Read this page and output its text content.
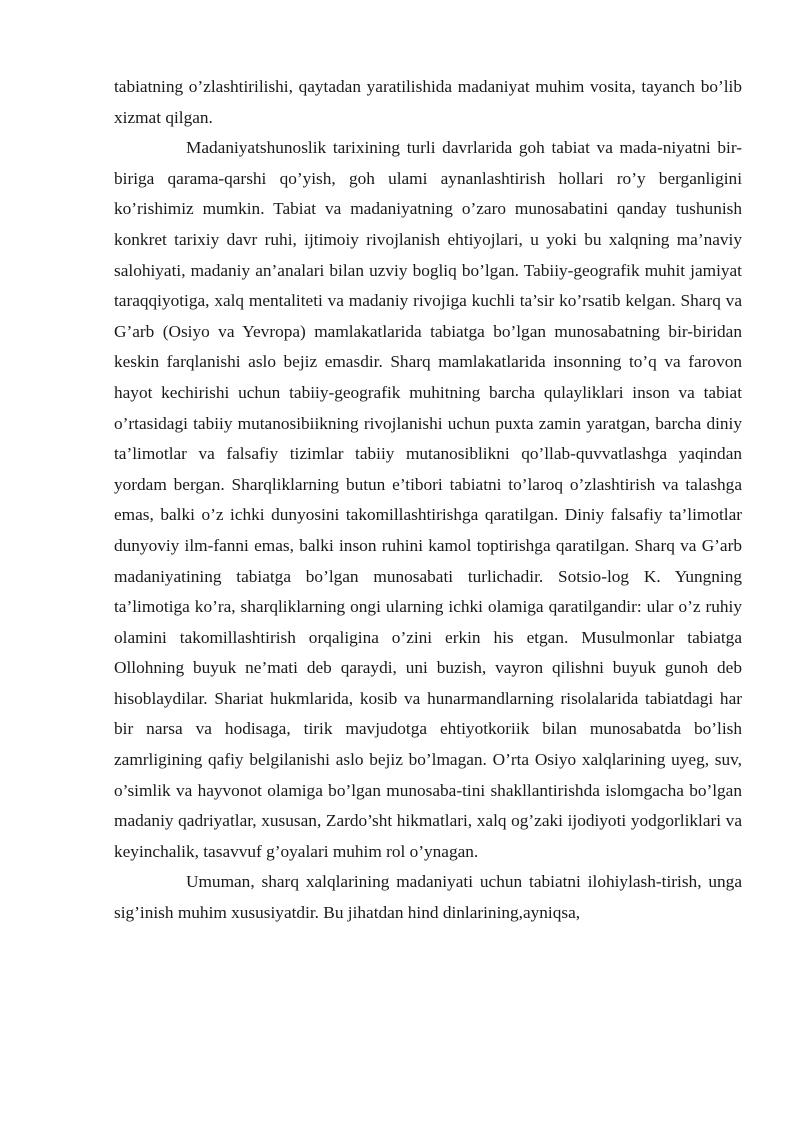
tabiatning o’zlashtirilishi, qaytadan yaratilishida madaniyat muhim vosita, tayanch bo’lib xizmat qilgan.

Madaniyatshunoslik tarixining turli davrlarida goh tabiat va mada-niyatni bir-biriga qarama-qarshi qo’yish, goh ulami aynanlashtirish hollari ro’y berganligini ko’rishimiz mumkin. Tabiat va madaniyatning o’zaro munosabatini qanday tushunish konkret tarixiy davr ruhi, ijtimoiy rivojlanish ehtiyojlari, u yoki bu xalqning ma’naviy salohiyati, madaniy an’analari bilan uzviy bogliq bo’lgan. Tabiiy-geografik muhit jamiyat taraqqiyotiga, xalq mentaliteti va madaniy rivojiga kuchli ta’sir ko’rsatib kelgan. Sharq va G’arb (Osiyo va Yevropa) mamlakatlarida tabiatga bo’lgan munosabatning bir-biridan keskin farqlanishi aslo bejiz emasdir. Sharq mamlakatlarida insonning to’q va farovon hayot kechirishi uchun tabiiy-geografik muhitning barcha qulayliklari inson va tabiat o’rtasidagi tabiiy mutanosibiikning rivojlanishi uchun puxta zamin yaratgan, barcha diniy ta’limotlar va falsafiy tizimlar tabiiy mutanosiblikni qo’llab-quvvatlashga yaqindan yordam bergan. Sharqliklarning butun e’tibori tabiatni to’laroq o’zlashtirish va talashga emas, balki o’z ichki dunyosini takomillashtirishga qaratilgan. Diniy falsafiy ta’limotlar dunyoviy ilm-fanni emas, balki inson ruhini kamol toptirishga qaratilgan. Sharq va G’arb madaniyatining tabiatga bo’lgan munosabati turlichadir. Sotsio-log K. Yungning ta’limotiga ko’ra, sharqliklarning ongi ularning ichki olamiga qaratilgandir: ular o’z ruhiy olamini takomillashtirish orqaligina o’zini erkin his etgan. Musulmonlar tabiatga Ollohning buyuk ne’mati deb qaraydi, uni buzish, vayron qilishni buyuk gunoh deb hisoblaydilar. Shariat hukmlarida, kosib va hunarmandlarning risolalarida tabiatdagi har bir narsa va hodisaga, tirik mavjudotga ehtiyotkoriik bilan munosabatda bo’lish zamrligining qafiy belgilanishi aslo bejiz bo’lmagan. O’rta Osiyo xalqlarining uyeg, suv, o’simlik va hayvonot olamiga bo’lgan munosaba-tini shakllantirishda islomgacha bo’lgan madaniy qadriyatlar, xususan, Zardo’sht hikmatlari, xalq og’zaki ijodiyoti yodgorliklari va keyinchalik, tasavvuf g’oyalari muhim rol o’ynagan.

Umuman, sharq xalqlarining madaniyati uchun tabiatni ilohiylash-tirish, unga sig’inish muhim xususiyatdir. Bu jihatdan hind dinlarining,ayniqsa,
